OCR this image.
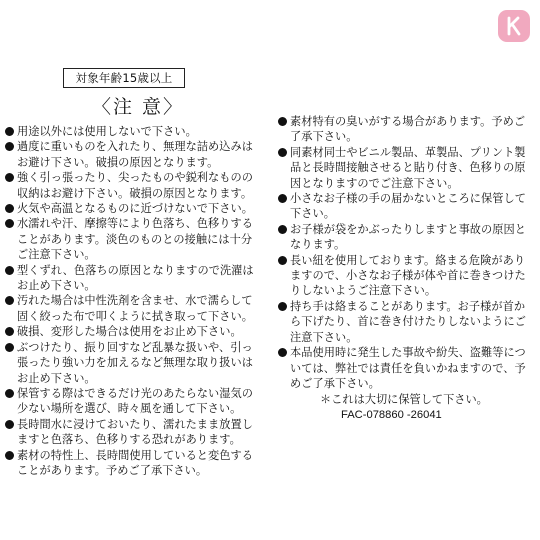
対象年齢15歳以上
〈注 意〉

用途以外には使用しないで下さい。

過度に重いものを入れたり、無理な詰め込みはお避け下さい。破損の原因となります。

強く引っ張ったり、尖ったものや鋭利なものの収納はお避け下さい。破損の原因となります。

火気や高温となるものに近づけないで下さい。

水濡れや汗、摩擦等により色落ち、色移りすることがあります。淡色のものとの接触には十分ご注意下さい。

型くずれ、色落ちの原因となりますので洗濯はお止め下さい。

汚れた場合は中性洗剤を含ませ、水で濡らして固く絞った布で叩くように拭き取って下さい。

破損、変形した場合は使用をお止め下さい。

ぶつけたり、振り回すなど乱暴な扱いや、引っ張ったり強い力を加えるなど無理な取り扱いはお止め下さい。

保管する際はできるだけ光のあたらない湿気の少ない場所を選び、時々風を通して下さい。

長時間水に浸けておいたり、濡れたまま放置しますと色落ち、色移りする恐れがあります。

素材の特性上、長時間使用していると変色することがあります。予めご了承下さい。

素材特有の臭いがする場合があります。予めご了承下さい。

同素材同士やビニル製品、革製品、プリント製品と長時間接触させると貼り付き、色移りの原因となりますのでご注意下さい。

小さなお子様の手の届かないところに保管して下さい。

お子様が袋をかぶったりしますと事故の原因となります。

長い紐を使用しております。絡まる危険がありますので、小さなお子様が体や首に巻きつけたりしないようご注意下さい。

持ち手は絡まることがあります。お子様が首から下げたり、首に巻き付けたりしないようにご注意下さい。

本品使用時に発生した事故や紛失、盗難等については、弊社では責任を負いかねますので、予めご了承下さい。

＊これは大切に保管して下さい。
FAC-078860 -26041
